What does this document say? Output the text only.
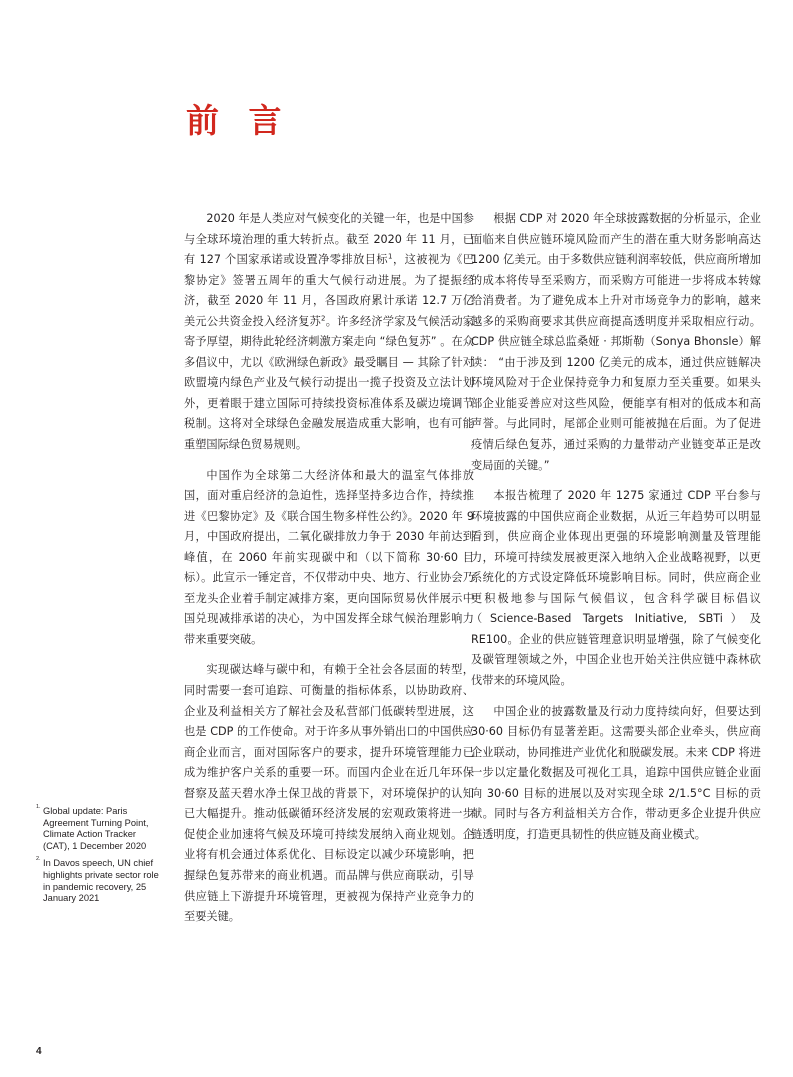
前 言

2020 年是人类应对气候变化的关键一年，也是中国参与全球环境治理的重大转折点。截至 2020 年 11 月，已有 127 个国家承诺或设置净零排放目标$^1$，这被视为《巴黎协定》签署五周年的重大气候行动进展。为了提振经济，截至 2020 年 11 月，各国政府累计承诺 12.7 万亿美元公共资金投入经济复苏$^2$。许多经济学家及气候活动家寄予厚望，期待此轮经济刺激方案走向 “绿色复苏” 。在众多倡议中，尤以《欧洲绿色新政》最受瞩目 — 其除了针对欧盟境内绿色产业及气候行动提出一揽子投资及立法计划外，更着眼于建立国际可持续投资标准体系及碳边境调节税制。这将对全球绿色金融发展造成重大影响，也有可能重塑国际绿色贸易规则。

中国作为全球第二大经济体和最大的温室气体排放国，面对重启经济的急迫性，选择坚持多边合作，持续推进《巴黎协定》及《联合国生物多样性公约》。2020 年 9 月，中国政府提出，二氧化碳排放力争于 2030 年前达到峰值，在 2060 年前实现碳中和（以下简称 30·60 目标）。此宣示一锤定音，不仅带动中央、地方、行业协会乃至龙头企业着手制定减排方案，更向国际贸易伙伴展示中国兑现减排承诺的决心，为中国发挥全球气候治理影响力带来重要突破。

实现碳达峰与碳中和，有赖于全社会各层面的转型，同时需要一套可追踪、可衡量的指标体系，以协助政府、企业及利益相关方了解社会及私营部门低碳转型进展，这也是 CDP 的工作使命。对于许多从事外销出口的中国供应商企业而言，面对国际客户的要求，提升环境管理能力已成为维护客户关系的重要一环。而国内企业在近几年环保督察及蓝天碧水净土保卫战的背景下，对环境保护的认知已大幅提升。推动低碳循环经济发展的宏观政策将进一步促使企业加速将气候及环境可持续发展纳入商业规划。企业将有机会通过体系优化、目标设定以减少环境影响，把握绿色复苏带来的商业机遇。而品牌与供应商联动，引导供应链上下游提升环境管理，更被视为保持产业竞争力的至要关键。

根据 CDP 对 2020 年全球披露数据的分析显示，企业面临来自供应链环境风险而产生的潜在重大财务影响高达 1200 亿美元。由于多数供应链利润率较低，供应商所增加的成本将传导至采购方，而采购方可能进一步将成本转嫁给消费者。为了避免成本上升对市场竞争力的影响，越来越多的采购商要求其供应商提高透明度并采取相应行动。CDP 供应链全球总监桑娅 · 邦斯勒（Sonya Bhonsle）解读： “由于涉及到 1200 亿美元的成本，通过供应链解决环境风险对于企业保持竞争力和复原力至关重要。如果头部企业能妥善应对这些风险，便能享有相对的低成本和高声誉。与此同时，尾部企业则可能被抛在后面。为了促进疫情后绿色复苏，通过采购的力量带动产业链变革正是改变局面的关键。”

本报告梳理了 2020 年 1275 家通过 CDP 平台参与环境披露的中国供应商企业数据，从近三年趋势可以明显看到，供应商企业体现出更强的环境影响测量及管理能力，环境可持续发展被更深入地纳入企业战略视野，以更系统化的方式设定降低环境影响目标。同时，供应商企业更积极地参与国际气候倡议，包含科学碳目标倡议（Science-Based Targets Initiative, SBTi）及 RE100。企业的供应链管理意识明显增强，除了气候变化及碳管理领域之外，中国企业也开始关注供应链中森林砍伐带来的环境风险。

中国企业的披露数量及行动力度持续向好，但要达到 30·60 目标仍有显著差距。这需要头部企业牵头，供应商企业联动，协同推进产业优化和脱碳发展。未来 CDP 将进一步以定量化数据及可视化工具，追踪中国供应链企业面向 30·60 目标的进展以及对实现全球 2/1.5°C 目标的贡献。同时与各方利益相关方合作，带动更多企业提升供应链透明度，打造更具韧性的供应链及商业模式。

1. Global update: Paris Agreement Turning Point, Climate Action Tracker (CAT), 1 December 2020
2. In Davos speech, UN chief highlights private sector role in pandemic recovery, 25 January 2021
4
